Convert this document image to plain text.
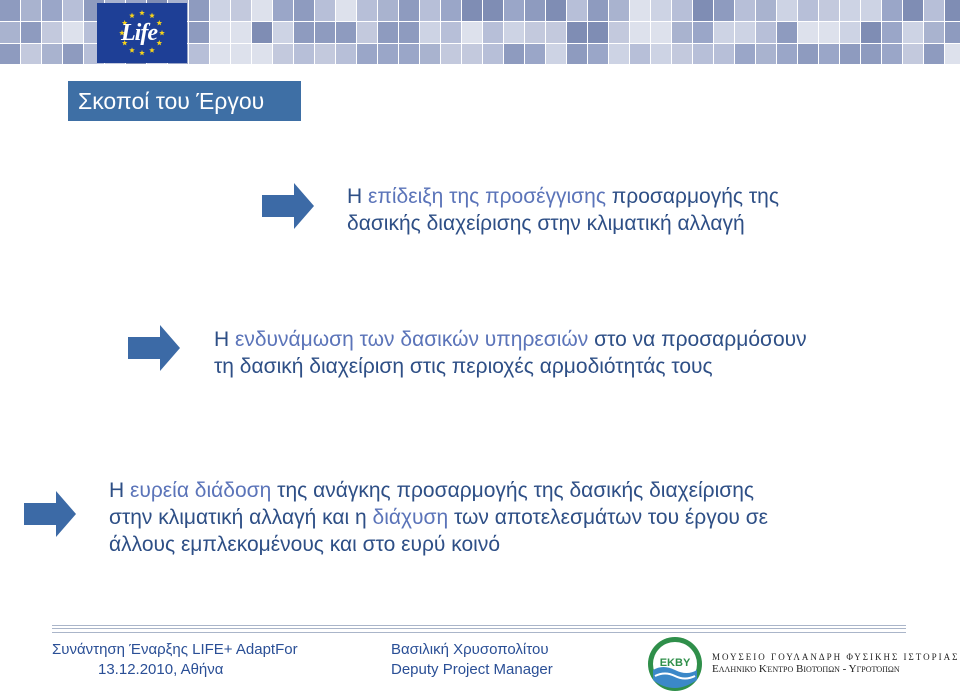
Life
Σκοποί του Έργου
Η επίδειξη της προσέγγισης προσαρμογής της
δασικής διαχείρισης στην κλιματική αλλαγή
Η ενδυνάμωση των δασικών υπηρεσιών στο να προσαρμόσουν
τη δασική διαχείριση στις περιοχές αρμοδιότητάς τους
Η ευρεία διάδοση της ανάγκης προσαρμογής της δασικής διαχείρισης
στην κλιματική αλλαγή και η διάχυση των αποτελεσμάτων του έργου σε
άλλους εμπλεκομένους και στο ευρύ κοινό
Συνάντηση Έναρξης LIFE+ AdaptFor
13.12.2010, Αθήνα
Βασιλική Χρυσοπολίτου
Deputy Project Manager	ΕΚΒΥ ΜΟΥΣΕΙΟ ΓΟΥΛΑΝΔΡΗ ΦΥΣΙΚΗΣ ΙΣΤΟΡΙΑΣ
Ελληνικό Κέντρο Βιοτόπων - Υγροτόπων
